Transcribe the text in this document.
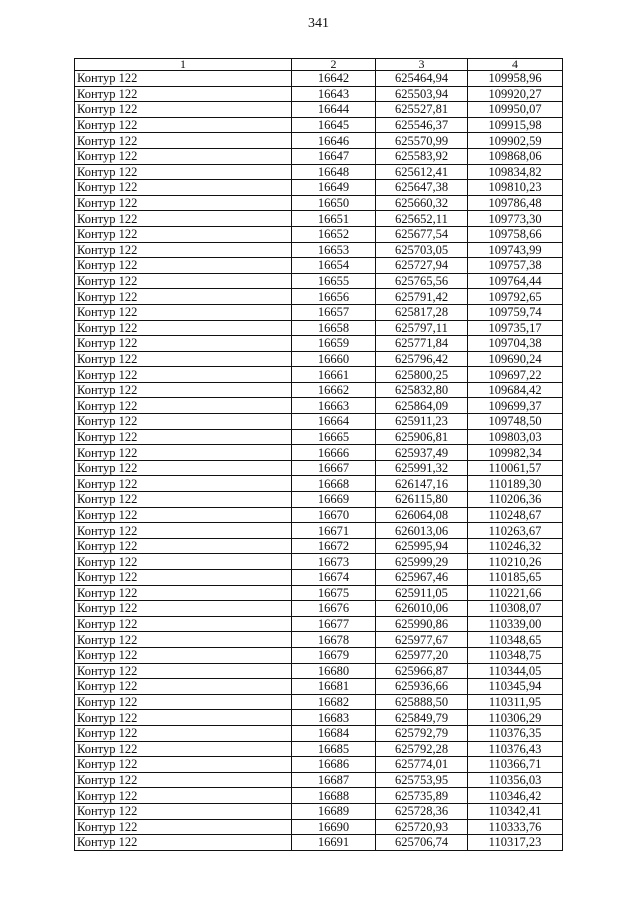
341
1	2	3	4
Контур 122	16642	625464,94	109958,96
Контур 122	16643	625503,94	109920,27
Контур 122	16644	625527,81	109950,07
Контур 122	16645	625546,37	109915,98
Контур 122	16646	625570,99	109902,59
Контур 122	16647	625583,92	109868,06
Контур 122	16648	625612,41	109834,82
Контур 122	16649	625647,38	109810,23
Контур 122	16650	625660,32	109786,48
Контур 122	16651	625652,11	109773,30
Контур 122	16652	625677,54	109758,66
Контур 122	16653	625703,05	109743,99
Контур 122	16654	625727,94	109757,38
Контур 122	16655	625765,56	109764,44
Контур 122	16656	625791,42	109792,65
Контур 122	16657	625817,28	109759,74
Контур 122	16658	625797,11	109735,17
Контур 122	16659	625771,84	109704,38
Контур 122	16660	625796,42	109690,24
Контур 122	16661	625800,25	109697,22
Контур 122	16662	625832,80	109684,42
Контур 122	16663	625864,09	109699,37
Контур 122	16664	625911,23	109748,50
Контур 122	16665	625906,81	109803,03
Контур 122	16666	625937,49	109982,34
Контур 122	16667	625991,32	110061,57
Контур 122	16668	626147,16	110189,30
Контур 122	16669	626115,80	110206,36
Контур 122	16670	626064,08	110248,67
Контур 122	16671	626013,06	110263,67
Контур 122	16672	625995,94	110246,32
Контур 122	16673	625999,29	110210,26
Контур 122	16674	625967,46	110185,65
Контур 122	16675	625911,05	110221,66
Контур 122	16676	626010,06	110308,07
Контур 122	16677	625990,86	110339,00
Контур 122	16678	625977,67	110348,65
Контур 122	16679	625977,20	110348,75
Контур 122	16680	625966,87	110344,05
Контур 122	16681	625936,66	110345,94
Контур 122	16682	625888,50	110311,95
Контур 122	16683	625849,79	110306,29
Контур 122	16684	625792,79	110376,35
Контур 122	16685	625792,28	110376,43
Контур 122	16686	625774,01	110366,71
Контур 122	16687	625753,95	110356,03
Контур 122	16688	625735,89	110346,42
Контур 122	16689	625728,36	110342,41
Контур 122	16690	625720,93	110333,76
Контур 122	16691	625706,74	110317,23
